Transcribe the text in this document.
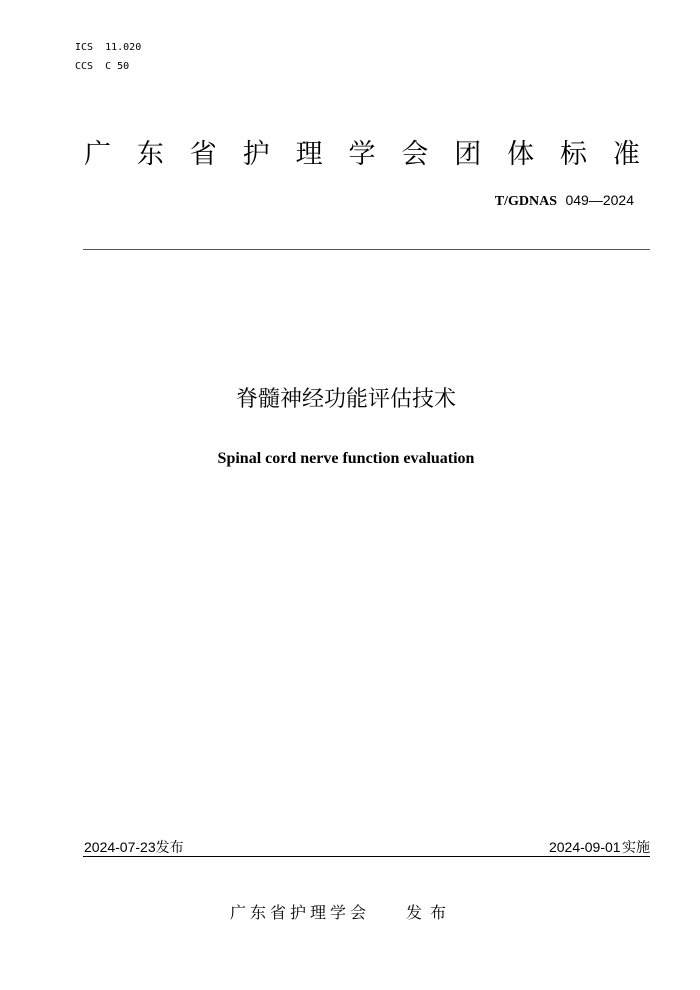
ICS  11.020
CCS  C 50
广 东 省 护 理 学 会 团 体 标 准
T/GDNAS 049—2024
脊髓神经功能评估技术
Spinal cord nerve function evaluation
2024-07-23发布	2024-09-01 实施
广东省护理学会 发布
